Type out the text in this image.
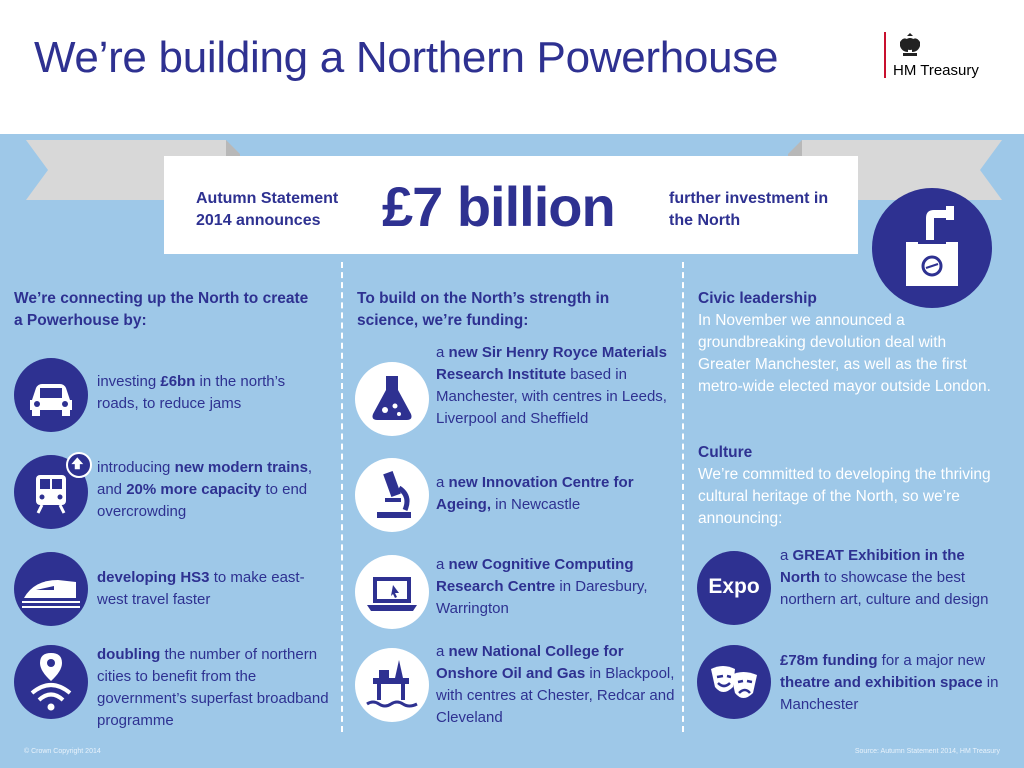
We’re building a Northern Powerhouse	HM Treasury
Autumn Statement 2014 announces	£7 billion	further investment in the North
We’re connecting up the North to create a Powerhouse by:
investing £6bn in the north’s roads, to reduce jams
introducing new modern trains, and 20% more capacity to end overcrowding
developing HS3 to make east-west travel faster
doubling the number of northern cities to benefit from the government’s superfast broadband programme
To build on the North’s strength in science, we’re funding:
a new Sir Henry Royce Materials Research Institute based in Manchester, with centres in Leeds, Liverpool and Sheffield
a new Innovation Centre for Ageing, in Newcastle
a new Cognitive Computing Research Centre in Daresbury, Warrington
a new National College for Onshore Oil and Gas in Blackpool, with centres at Chester, Redcar and Cleveland
Civic leadership
In November we announced a groundbreaking devolution deal with Greater Manchester, as well as the first metro-wide elected mayor outside London.
Culture
We’re committed to developing the thriving cultural heritage of the North, so we’re announcing:
Expo
a GREAT Exhibition in the North to showcase the best northern art, culture and design
£78m funding for a major new theatre and exhibition space in Manchester
© Crown Copyright 2014	Source: Autumn Statement 2014, HM Treasury
